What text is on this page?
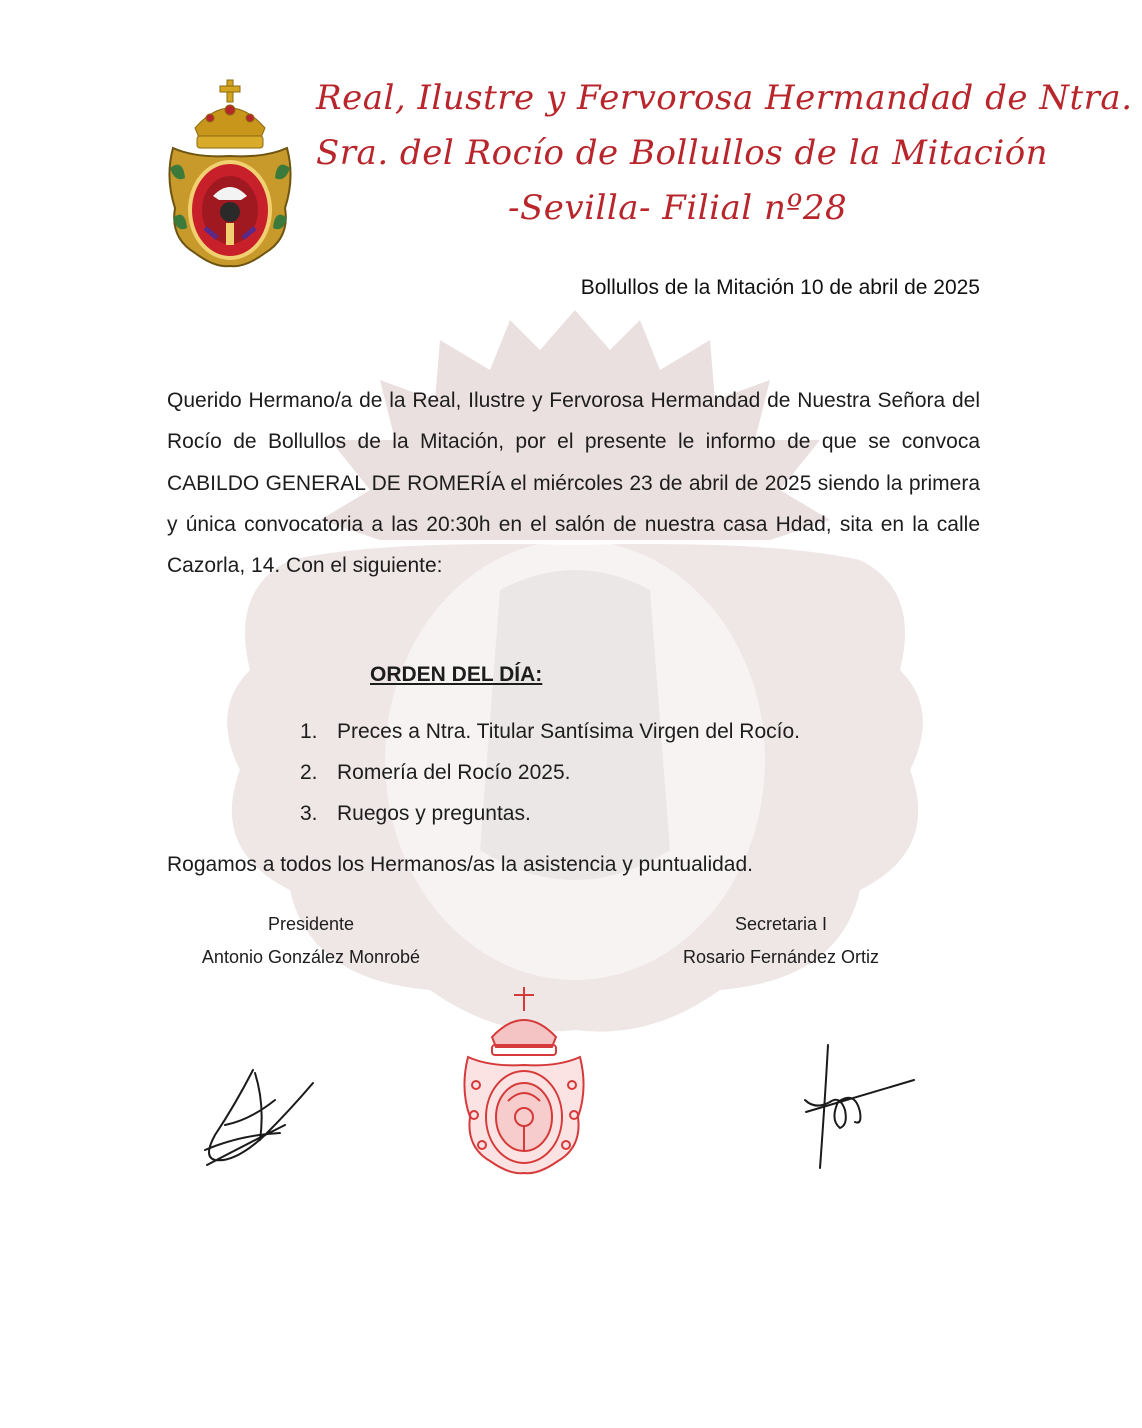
Real, Ilustre y Fervorosa Hermandad de Ntra.
Sra. del Rocío de Bollullos de la Mitación
-Sevilla- Filial nº28
Bollullos de la Mitación 10 de abril de 2025
Querido Hermano/a de la Real, Ilustre y Fervorosa Hermandad de Nuestra Señora del Rocío de Bollullos de la Mitación, por el presente le informo de que se convoca CABILDO GENERAL DE ROMERÍA el miércoles 23 de abril de 2025 siendo la primera y única convocatoria a las 20:30h en el salón de nuestra casa Hdad, sita en la calle Cazorla, 14. Con el siguiente:
ORDEN DEL DÍA:
1. Preces a Ntra. Titular Santísima Virgen del Rocío.
2. Romería del Rocío 2025.
3. Ruegos y preguntas.
Rogamos a todos los Hermanos/as la asistencia y puntualidad.
Presidente
Antonio González Monrobé
Secretaria I
Rosario Fernández Ortiz
